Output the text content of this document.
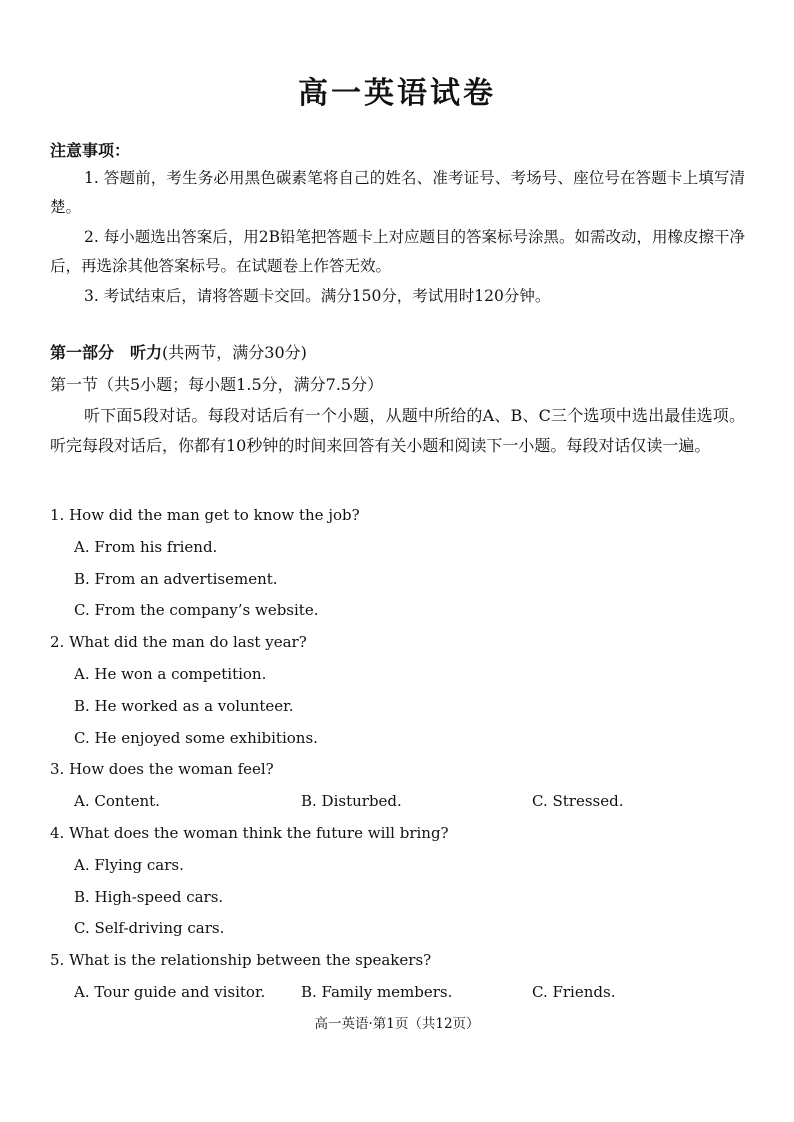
高一英语试卷
注意事项：

1. 答题前，考生务必用黑色碳素笔将自己的姓名、准考证号、考场号、座位号在答题卡上填写清楚。

2. 每小题选出答案后，用2B铅笔把答题卡上对应题目的答案标号涂黑。如需改动，用橡皮擦干净后，再选涂其他答案标号。在试题卷上作答无效。

3. 考试结束后，请将答题卡交回。满分150分，考试用时120分钟。

第一部分　听力(共两节，满分30分)
第一节（共5小题；每小题1.5分，满分7.5分）
听下面5段对话。每段对话后有一个小题，从题中所给的A、B、C三个选项中选出最佳选项。听完每段对话后，你都有10秒钟的时间来回答有关小题和阅读下一小题。每段对话仅读一遍。
1. How did the man get to know the job?
A. From his friend.
B. From an advertisement.
C. From the company’s website.
2. What did the man do last year?
A. He won a competition.
B. He worked as a volunteer.
C. He enjoyed some exhibitions.
3. How does the woman feel?
A. Content.	B. Disturbed.	C. Stressed.
4. What does the woman think the future will bring?
A. Flying cars.
B. High-speed cars.
C. Self-driving cars.
5. What is the relationship between the speakers?
A. Tour guide and visitor. B. Family members.	C. Friends.
高一英语·第1页（共12页）
